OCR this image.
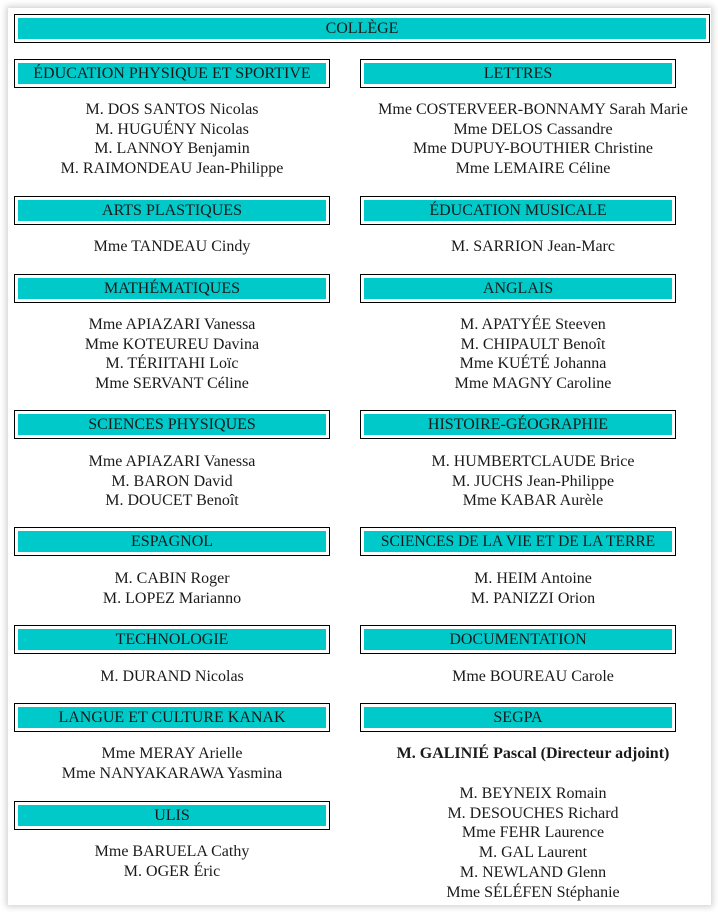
COLLÈGE
ÉDUCATION PHYSIQUE ET SPORTIVE
M. DOS SANTOS Nicolas
M. HUGUÉNY Nicolas
M. LANNOY Benjamin
M. RAIMONDEAU Jean-Philippe
ARTS PLASTIQUES
Mme TANDEAU Cindy
MATHÉMATIQUES
Mme APIAZARI Vanessa
Mme KOTEUREU Davina
M. TÉRIITAHI Loïc
Mme SERVANT Céline
SCIENCES PHYSIQUES
Mme APIAZARI Vanessa
M. BARON David
M. DOUCET Benoît
ESPAGNOL
M. CABIN Roger
M. LOPEZ Marianno
TECHNOLOGIE
M. DURAND Nicolas
LANGUE ET CULTURE KANAK
Mme MERAY Arielle
Mme NANYAKARAWA Yasmina
ULIS
Mme BARUELA Cathy
M. OGER Éric
LETTRES
Mme COSTERVEER-BONNAMY Sarah Marie
Mme DELOS Cassandre
Mme DUPUY-BOUTHIER Christine
Mme LEMAIRE Céline
ÉDUCATION MUSICALE
M. SARRION Jean-Marc
ANGLAIS
M. APATYÉE Steeven
M. CHIPAULT Benoît
Mme KUÉTÉ Johanna
Mme MAGNY Caroline
HISTOIRE-GÉOGRAPHIE
M. HUMBERTCLAUDE Brice
M. JUCHS Jean-Philippe
Mme KABAR Aurèle
SCIENCES DE LA VIE ET DE LA TERRE
M. HEIM Antoine
M. PANIZZI Orion
DOCUMENTATION
Mme BOUREAU Carole
SEGPA
M. GALINIÉ Pascal (Directeur adjoint)
M. BEYNEIX Romain
M. DESOUCHES Richard
Mme FEHR Laurence
M. GAL Laurent
M. NEWLAND Glenn
Mme SÉLÉFEN Stéphanie
